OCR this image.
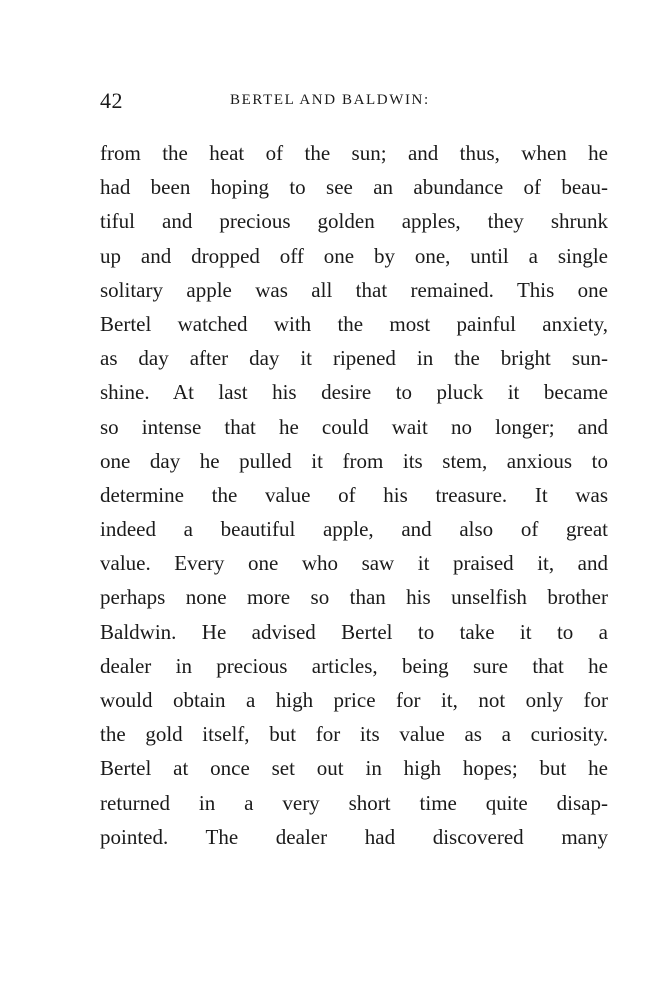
42	BERTEL AND BALDWIN:
from the heat of the sun; and thus, when he
had been hoping to see an abundance of beau-
tiful and precious golden apples, they shrunk
up and dropped off one by one, until a single
solitary apple was all that remained. This one
Bertel watched with the most painful anxiety,
as day after day it ripened in the bright sun-
shine. At last his desire to pluck it became
so intense that he could wait no longer; and
one day he pulled it from its stem, anxious to
determine the value of his treasure. It was
indeed a beautiful apple, and also of great
value. Every one who saw it praised it, and
perhaps none more so than his unselfish brother
Baldwin. He advised Bertel to take it to a
dealer in precious articles, being sure that he
would obtain a high price for it, not only for
the gold itself, but for its value as a curiosity.
Bertel at once set out in high hopes; but he
returned in a very short time quite disap-
pointed. The dealer had discovered many
